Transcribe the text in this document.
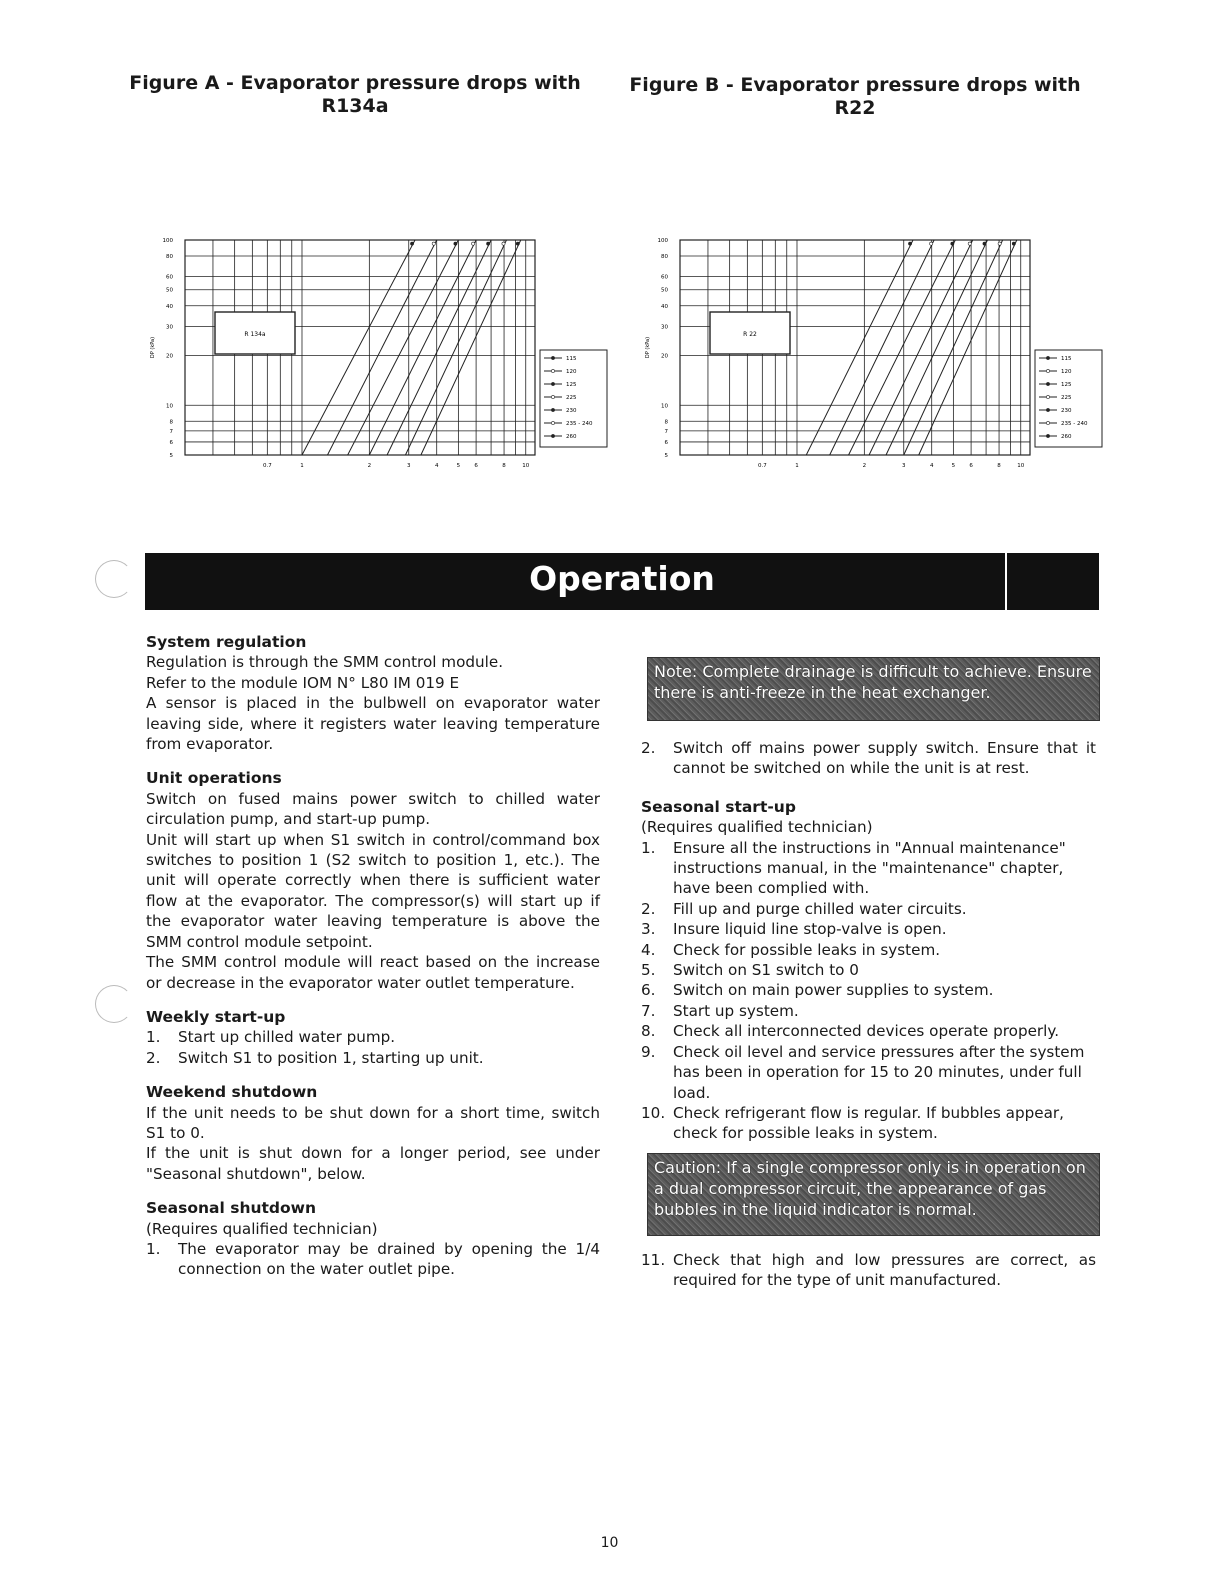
Figure A - Evaporator pressure drops with
R134a
Figure B - Evaporator pressure drops with
R22
100
80
60
50
40
30
20
10
8
7
6
5
0.7	1	2	3	4	5	6	8	10
DP (kPa)
R 134a
115
120
125
225
230
235 - 240
260
100
80
60
50
40
30
20
10
8
7
6
5
0.7	1	2	3	4	5	6	8	10
DP (kPa)
R 22
115
120
125
225
230
235 - 240
260
Operation

System regulation

Regulation is through the SMM control module.

Refer to the module IOM N° L80 IM 019 E

A sensor is placed in the bulbwell on evaporator water leaving side, where it registers water leaving temperature from evaporator.

Unit operations

Switch on fused mains power switch to chilled water circulation pump, and start-up pump.

Unit will start up when S1 switch in control/command box switches to position 1 (S2 switch to position 1, etc.). The unit will operate correctly when there is sufficient water flow at the evaporator. The compressor(s) will start up if the evaporator water leaving temperature is above the SMM control module setpoint.

The SMM control module will react based on the increase or decrease in the evaporator water outlet temperature.

Weekly start-up

1. Start up chilled water pump.
2. Switch S1 to position 1, starting up unit.

Weekend shutdown

If the unit needs to be shut down for a short time, switch S1 to 0.

If the unit is shut down for a longer period, see under "Seasonal shutdown", below.

Seasonal shutdown

(Requires qualified technician)

1. The evaporator may be drained by opening the 1/4 connection on the water outlet pipe.
Note: Complete drainage is difficult to achieve. Ensure there is anti-freeze in the heat exchanger.
2. Switch off mains power supply switch. Ensure that it cannot be switched on while the unit is at rest.

Seasonal start-up

(Requires qualified technician)

1. Ensure all the instructions in "Annual maintenance" instructions manual, in the "maintenance" chapter, have been complied with.
2. Fill up and purge chilled water circuits.
3. Insure liquid line stop-valve is open.
4. Check for possible leaks in system.
5. Switch on S1 switch to 0
6. Switch on main power supplies to system.
7. Start up system.
8. Check all interconnected devices operate properly.
9. Check oil level and service pressures after the system has been in operation for 15 to 20 minutes, under full load.
10. Check refrigerant flow is regular. If bubbles appear, check for possible leaks in system.
Caution: If a single compressor only is in operation on a dual compressor circuit, the appearance of gas bubbles in the liquid indicator is normal.
11. Check that high and low pressures are correct, as required for the type of unit manufactured.
10
